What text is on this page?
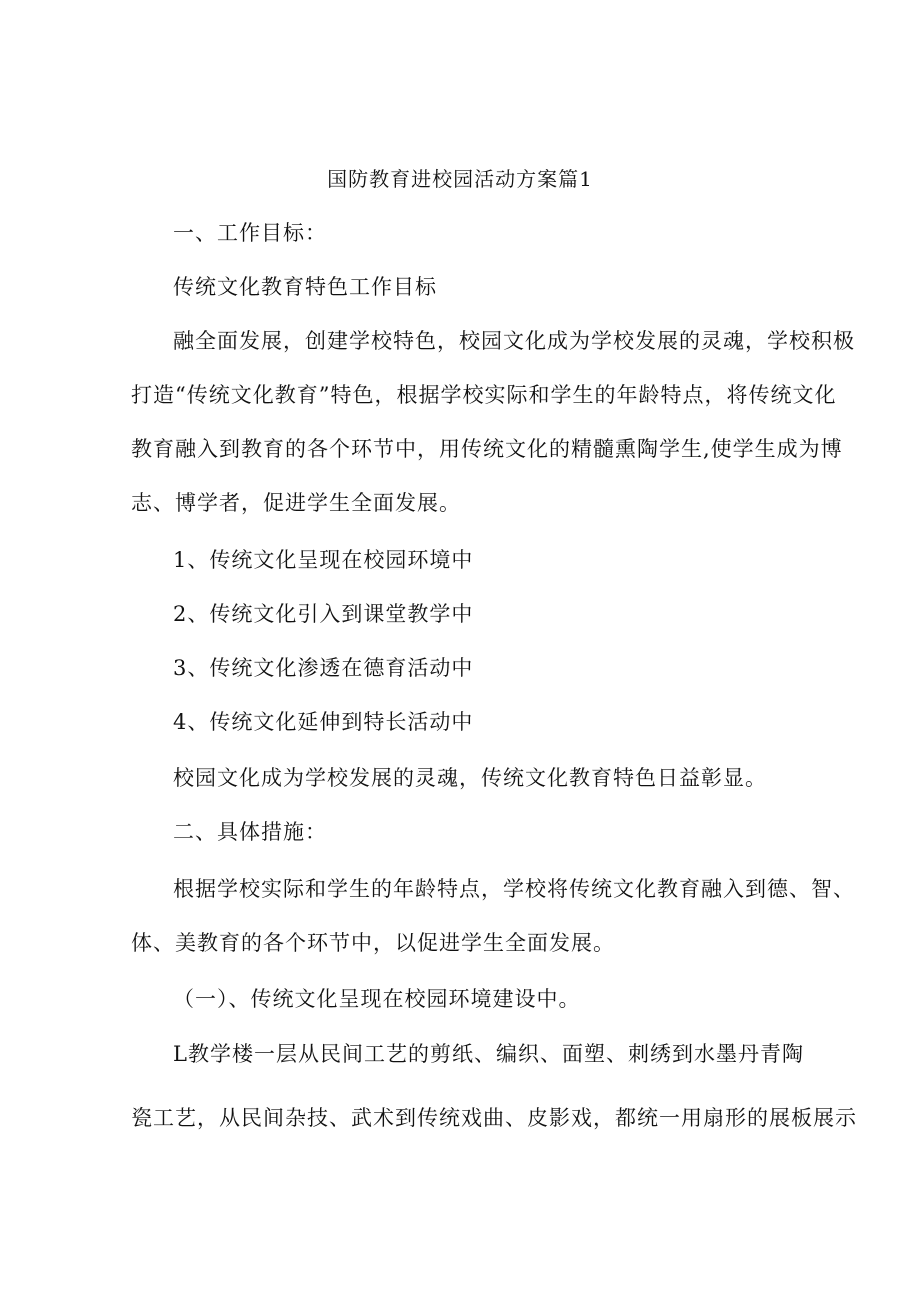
国防教育进校园活动方案篇1
一、工作目标：
传统文化教育特色工作目标
融全面发展，创建学校特色，校园文化成为学校发展的灵魂，学校积极
打造“传统文化教育”特色，根据学校实际和学生的年龄特点，将传统文化
教育融入到教育的各个环节中，用传统文化的精髓熏陶学生,使学生成为博
志、博学者，促进学生全面发展。
1、传统文化呈现在校园环境中
2、传统文化引入到课堂教学中
3、传统文化渗透在德育活动中
4、传统文化延伸到特长活动中
校园文化成为学校发展的灵魂，传统文化教育特色日益彰显。
二、具体措施：
根据学校实际和学生的年龄特点，学校将传统文化教育融入到德、智、
体、美教育的各个环节中，以促进学生全面发展。
（一）、传统文化呈现在校园环境建设中。
L教学楼一层从民间工艺的剪纸、编织、面塑、刺绣到水墨丹青陶
瓷工艺，从民间杂技、武术到传统戏曲、皮影戏，都统一用扇形的展板展示
